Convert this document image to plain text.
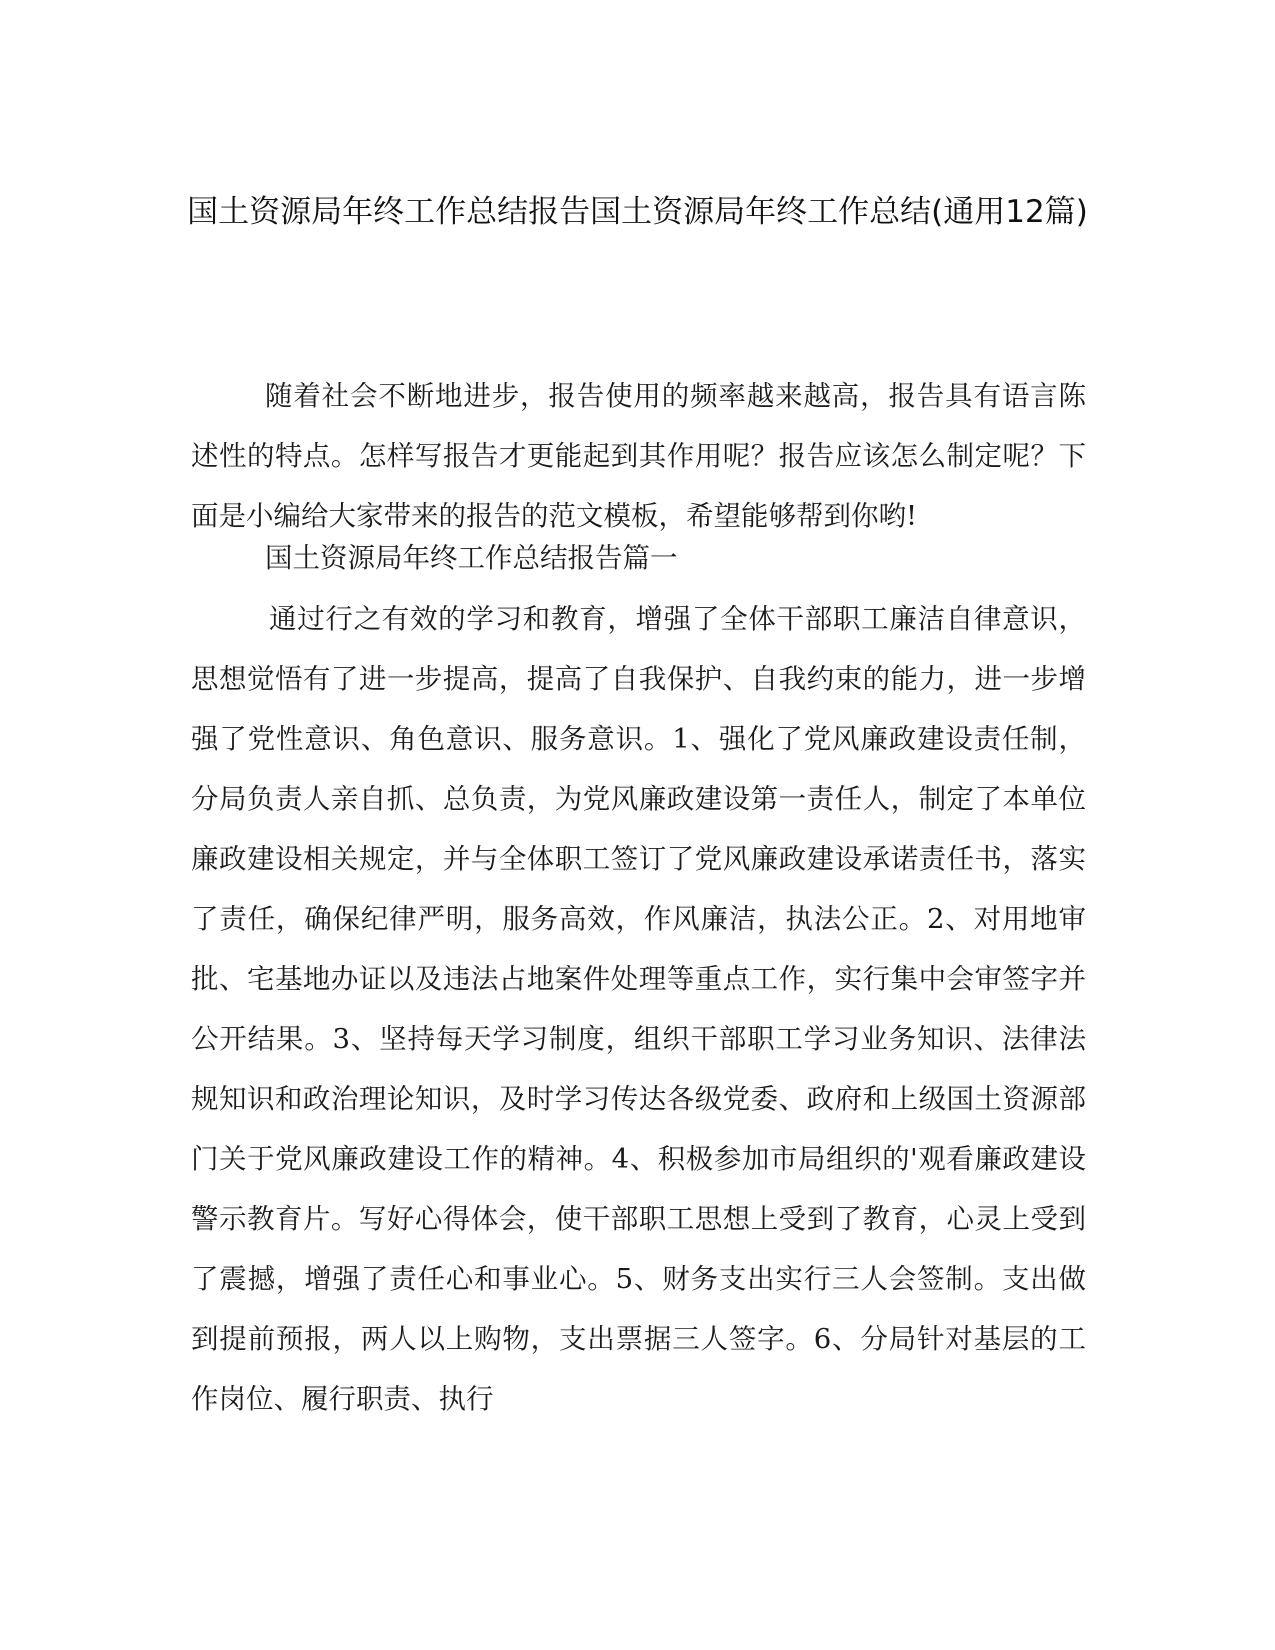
国土资源局年终工作总结报告国土资源局年终工作总结(通用12篇)

随着社会不断地进步，报告使用的频率越来越高，报告具有语言陈述性的特点。怎样写报告才更能起到其作用呢？报告应该怎么制定呢？下面是小编给大家带来的报告的范文模板，希望能够帮到你哟!

国土资源局年终工作总结报告篇一

通过行之有效的学习和教育，增强了全体干部职工廉洁自律意识，思想觉悟有了进一步提高，提高了自我保护、自我约束的能力，进一步增强了党性意识、角色意识、服务意识。1、强化了党风廉政建设责任制，分局负责人亲自抓、总负责，为党风廉政建设第一责任人，制定了本单位廉政建设相关规定，并与全体职工签订了党风廉政建设承诺责任书，落实了责任，确保纪律严明，服务高效，作风廉洁，执法公正。2、对用地审批、宅基地办证以及违法占地案件处理等重点工作，实行集中会审签字并公开结果。3、坚持每天学习制度，组织干部职工学习业务知识、法律法规知识和政治理论知识，及时学习传达各级党委、政府和上级国土资源部门关于党风廉政建设工作的精神。4、积极参加市局组织的'观看廉政建设警示教育片。写好心得体会，使干部职工思想上受到了教育，心灵上受到了震撼，增强了责任心和事业心。5、财务支出实行三人会签制。支出做到提前预报，两人以上购物，支出票据三人签字。6、分局针对基层的工作岗位、履行职责、执行
